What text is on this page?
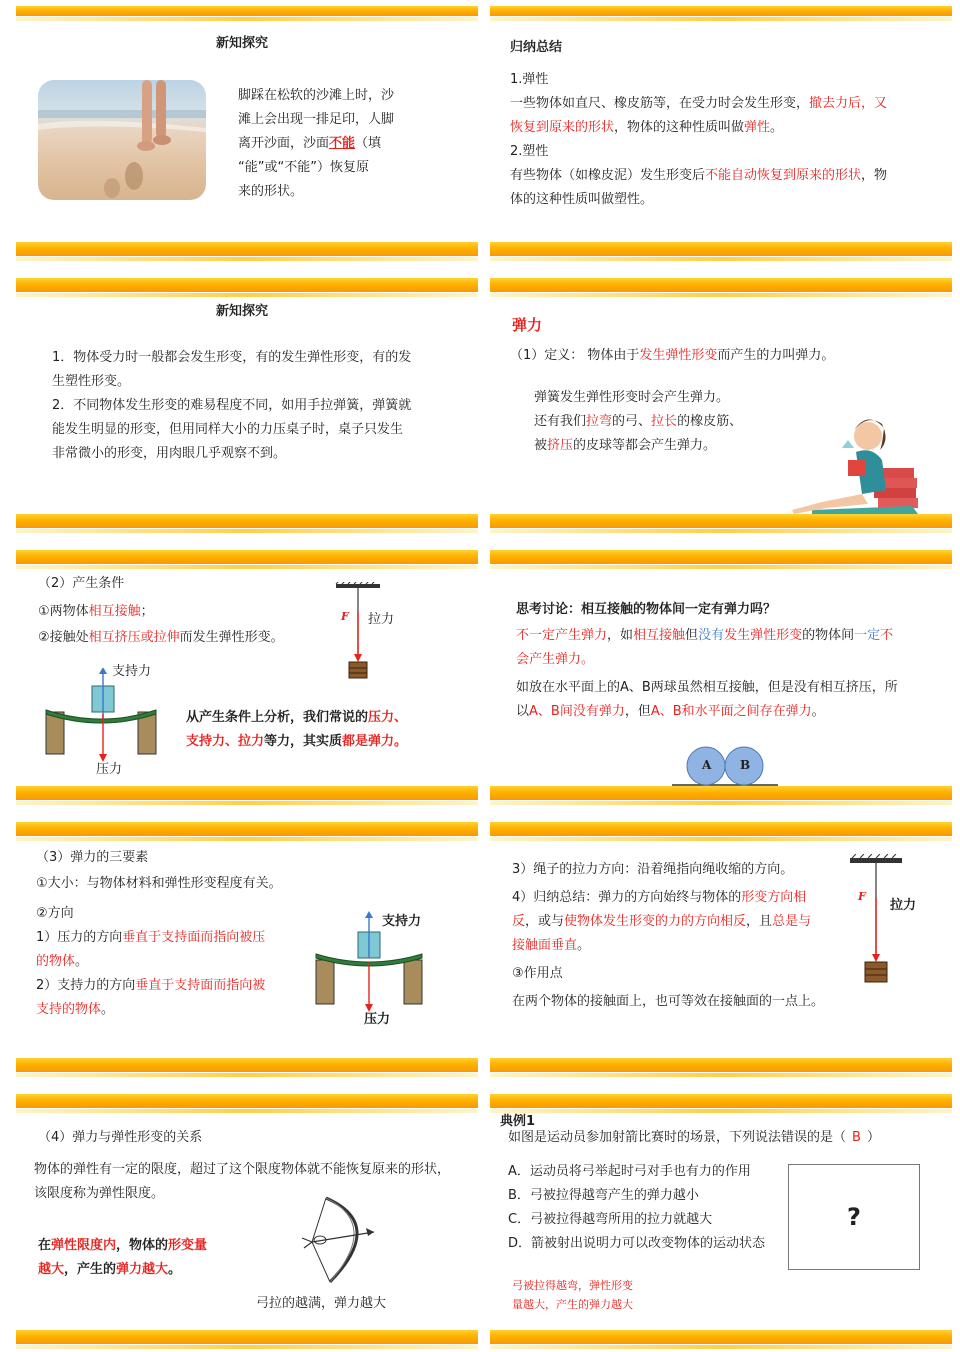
新知探究
脚踩在松软的沙滩上时，沙
滩上会出现一排足印，人脚
离开沙面，沙面不能（填
“能”或“不能”）恢复原
来的形状。
归纳总结
1.弹性
一些物体如直尺、橡皮筋等，在受力时会发生形变，撤去力后，又
恢复到原来的形状，物体的这种性质叫做弹性。
2.塑性
有些物体（如橡皮泥）发生形变后不能自动恢复到原来的形状，物
体的这种性质叫做塑性。
新知探究
1．物体受力时一般都会发生形变，有的发生弹性形变，有的发
生塑性形变。
2．不同物体发生形变的难易程度不同，如用手拉弹簧，弹簧就
能发生明显的形变，但用同样大小的力压桌子时，桌子只发生
非常微小的形变，用肉眼几乎观察不到。
弹力
（1）定义： 物体由于发生弹性形变而产生的力叫弹力。
弹簧发生弹性形变时会产生弹力。
还有我们拉弯的弓、拉长的橡皮筋、
被挤压的皮球等都会产生弹力。
（2）产生条件
①两物体相互接触；
②接触处相互挤压或拉伸而发生弹性形变。
F 拉力
支持力
压力
从产生条件上分析，我们常说的压力、
支持力、拉力等力，其实质都是弹力。
思考讨论：相互接触的物体间一定有弹力吗？
不一定产生弹力，如相互接触但没有发生弹性形变的物体间一定不
会产生弹力。
如放在水平面上的A、B两球虽然相互接触，但是没有相互挤压，所
以A、B间没有弹力，但A、B和水平面之间存在弹力。
A B
（3）弹力的三要素
①大小：与物体材料和弹性形变程度有关。
②方向
1）压力的方向垂直于支持面而指向被压
的物体。
2）支持力的方向垂直于支持面而指向被
支持的物体。
支持力
压力
3）绳子的拉力方向：沿着绳指向绳收缩的方向。
4）归纳总结：弹力的方向始终与物体的形变方向相
反，或与使物体发生形变的力的方向相反，且总是与
接触面垂直。
③作用点
在两个物体的接触面上，也可等效在接触面的一点上。
F
拉力
（4）弹力与弹性形变的关系
物体的弹性有一定的限度，超过了这个限度物体就不能恢复原来的形状，
该限度称为弹性限度。
在弹性限度内，物体的形变量
越大，产生的弹力越大。
弓拉的越满，弹力越大
典例1
如图是运动员参加射箭比赛时的场景，下列说法错误的是（ B ）
A．运动员将弓举起时弓对手也有力的作用
B．弓被拉得越弯产生的弹力越小
C．弓被拉得越弯所用的拉力就越大
D．箭被射出说明力可以改变物体的运动状态
?
弓被拉得越弯，弹性形变
量越大，产生的弹力越大
